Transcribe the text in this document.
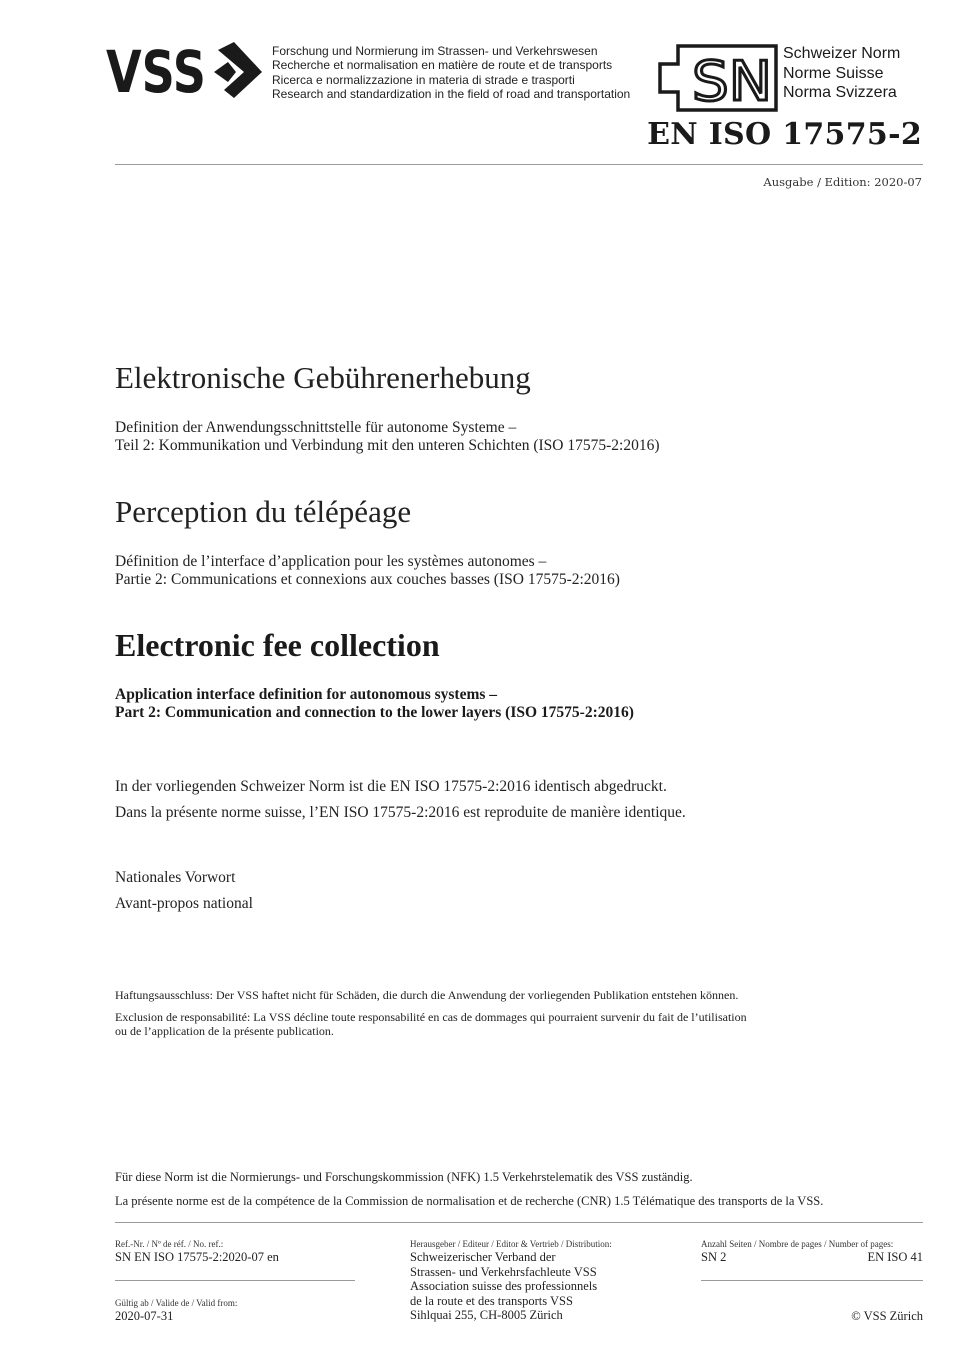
VSS	Forschung und Normierung im Strassen- und Verkehrswesen
Recherche et normalisation en matière de route et de transports
Ricerca e normalizzazione in materia di strade e trasporti
Research and standardization in the field of road and transportation SN Schweizer Norm
Norme Suisse
Norma Svizzera
EN ISO 17575-2
Ausgabe / Edition: 2020-07
Elektronische Gebührenerhebung
Definition der Anwendungsschnittstelle für autonome Systeme –
Teil 2: Kommunikation und Verbindung mit den unteren Schichten (ISO 17575-2:2016)
Perception du télépéage
Définition de l’interface d’application pour les systèmes autonomes –
Partie 2: Communications et connexions aux couches basses (ISO 17575-2:2016)
Electronic fee collection
Application interface definition for autonomous systems –
Part 2: Communication and connection to the lower layers (ISO 17575-2:2016)
In der vorliegenden Schweizer Norm ist die EN ISO 17575-2:2016 identisch abgedruckt.
Dans la présente norme suisse, l’EN ISO 17575-2:2016 est reproduite de manière identique.
Nationales Vorwort
Avant-propos national
Haftungsausschluss: Der VSS haftet nicht für Schäden, die durch die Anwendung der vorliegenden Publikation entstehen können.
Exclusion de responsabilité: La VSS décline toute responsabilité en cas de dommages qui pourraient survenir du fait de l’utilisation
ou de l’application de la présente publication.
Für diese Norm ist die Normierungs- und Forschungskommission (NFK) 1.5 Verkehrstelematik des VSS zuständig.
La présente norme est de la compétence de la Commission de normalisation et de recherche (CNR) 1.5 Télématique des transports de la VSS.
Ref.-Nr. / Nº de réf. / No. ref.:
SN EN ISO 17575-2:2020-07 en
Gültig ab / Valide de / Valid from:
2020-07-31
Herausgeber / Editeur / Editor & Vertrieb / Distribution:
Schweizerischer Verband der
Strassen- und Verkehrsfachleute VSS
Association suisse des professionnels
de la route et des transports VSS
Sihlquai 255, CH-8005 Zürich
Anzahl Seiten / Nombre de pages / Number of pages:
SN 2	EN ISO 41
© VSS Zürich
